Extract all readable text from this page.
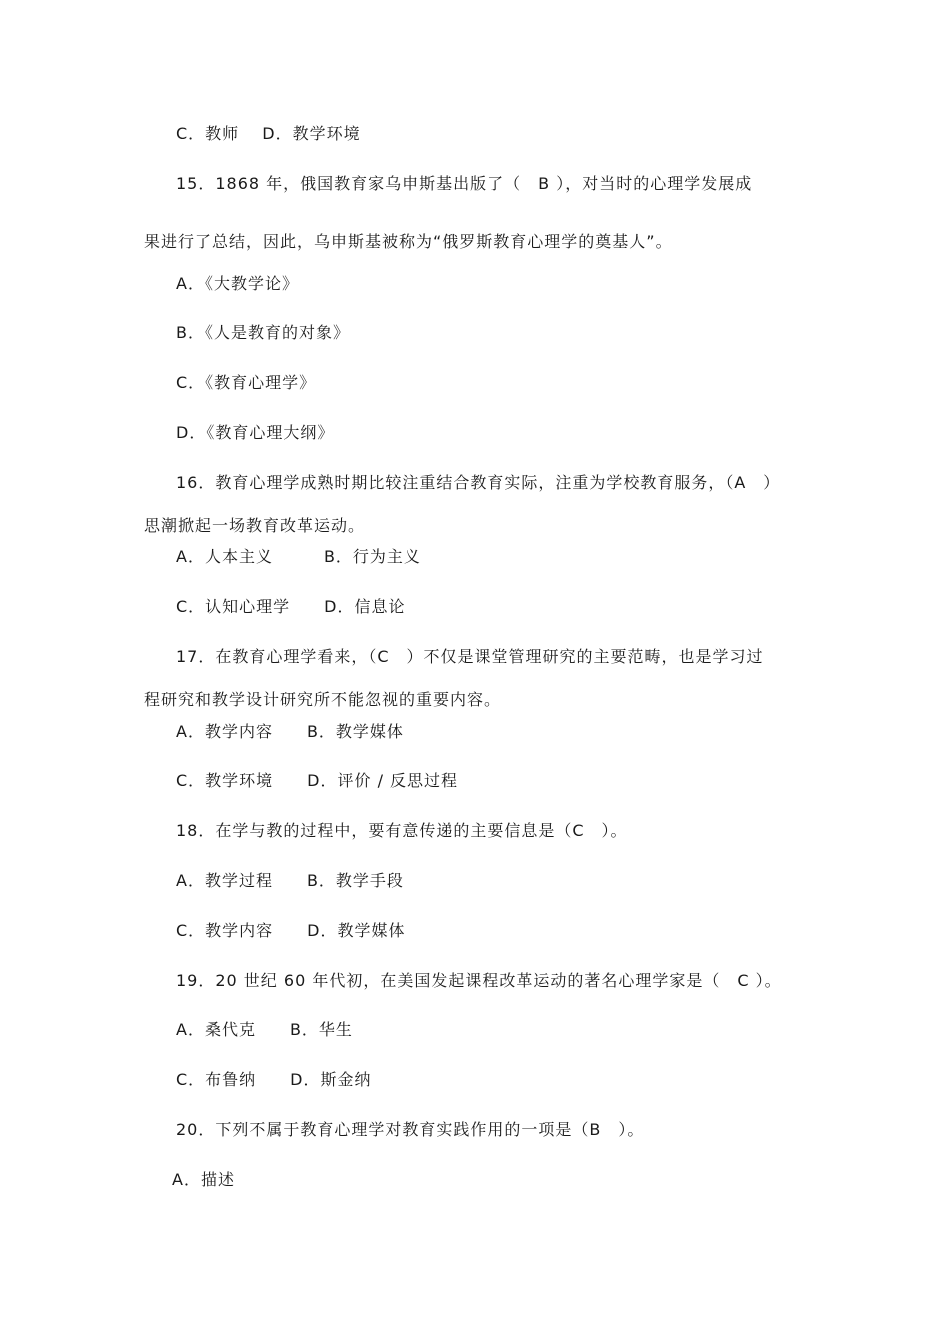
C．教师　 D．教学环境
15．1868 年，俄国教育家乌申斯基出版了（　B ），对当时的心理学发展成
果进行了总结，因此，乌申斯基被称为“俄罗斯教育心理学的奠基人”。
A．《大教学论》
B．《人是教育的对象》
C．《教育心理学》
D．《教育心理大纲》
16．教育心理学成熟时期比较注重结合教育实际，注重为学校教育服务，（A　）
思潮掀起一场教育改革运动。
A．人本主义　　　B．行为主义
C．认知心理学　　D．信息论
17．在教育心理学看来，（C　）不仅是课堂管理研究的主要范畴，也是学习过
程研究和教学设计研究所不能忽视的重要内容。
A．教学内容　　B．教学媒体
C．教学环境　　D．评价 / 反思过程
18．在学与教的过程中，要有意传递的主要信息是（C　）。
A．教学过程　　B．教学手段
C．教学内容　　D．教学媒体
19．20 世纪 60 年代初，在美国发起课程改革运动的著名心理学家是（　C ）。
A．桑代克　　B．华生
C．布鲁纳　　D．斯金纳
20．下列不属于教育心理学对教育实践作用的一项是（B　）。
A．描述
